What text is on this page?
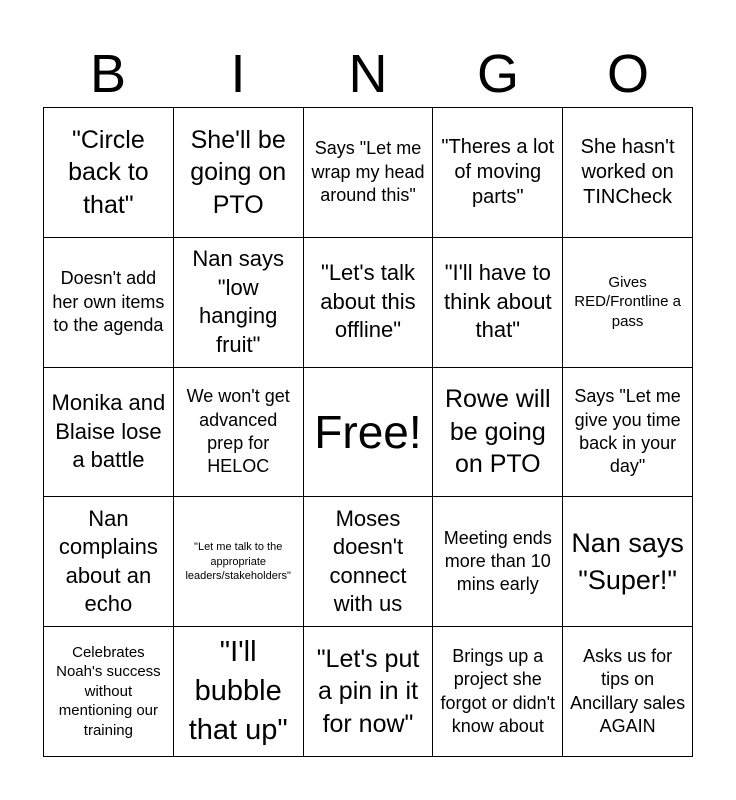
B	I	N	G	O
"Circle back to that"
She'll be going on PTO
Says "Let me wrap my head around this"
"Theres a lot of moving parts"
She hasn't worked on TINCheck
Doesn't add her own items to the agenda
Nan says "low hanging fruit"
"Let's talk about this offline"
"I'll have to think about that"
Gives RED/Frontline a pass
Monika and Blaise lose a battle
We won't get advanced prep for HELOC
Free!
Rowe will be going on PTO
Says "Let me give you time back in your day"
Nan complains about an echo
"Let me talk to the appropriate leaders/stakeholders"
Moses doesn't connect with us
Meeting ends more than 10 mins early
Nan says "Super!"
Celebrates Noah's success without mentioning our training
"I'll bubble that up"
"Let's put a pin in it for now"
Brings up a project she forgot or didn't know about
Asks us for tips on Ancillary sales AGAIN
